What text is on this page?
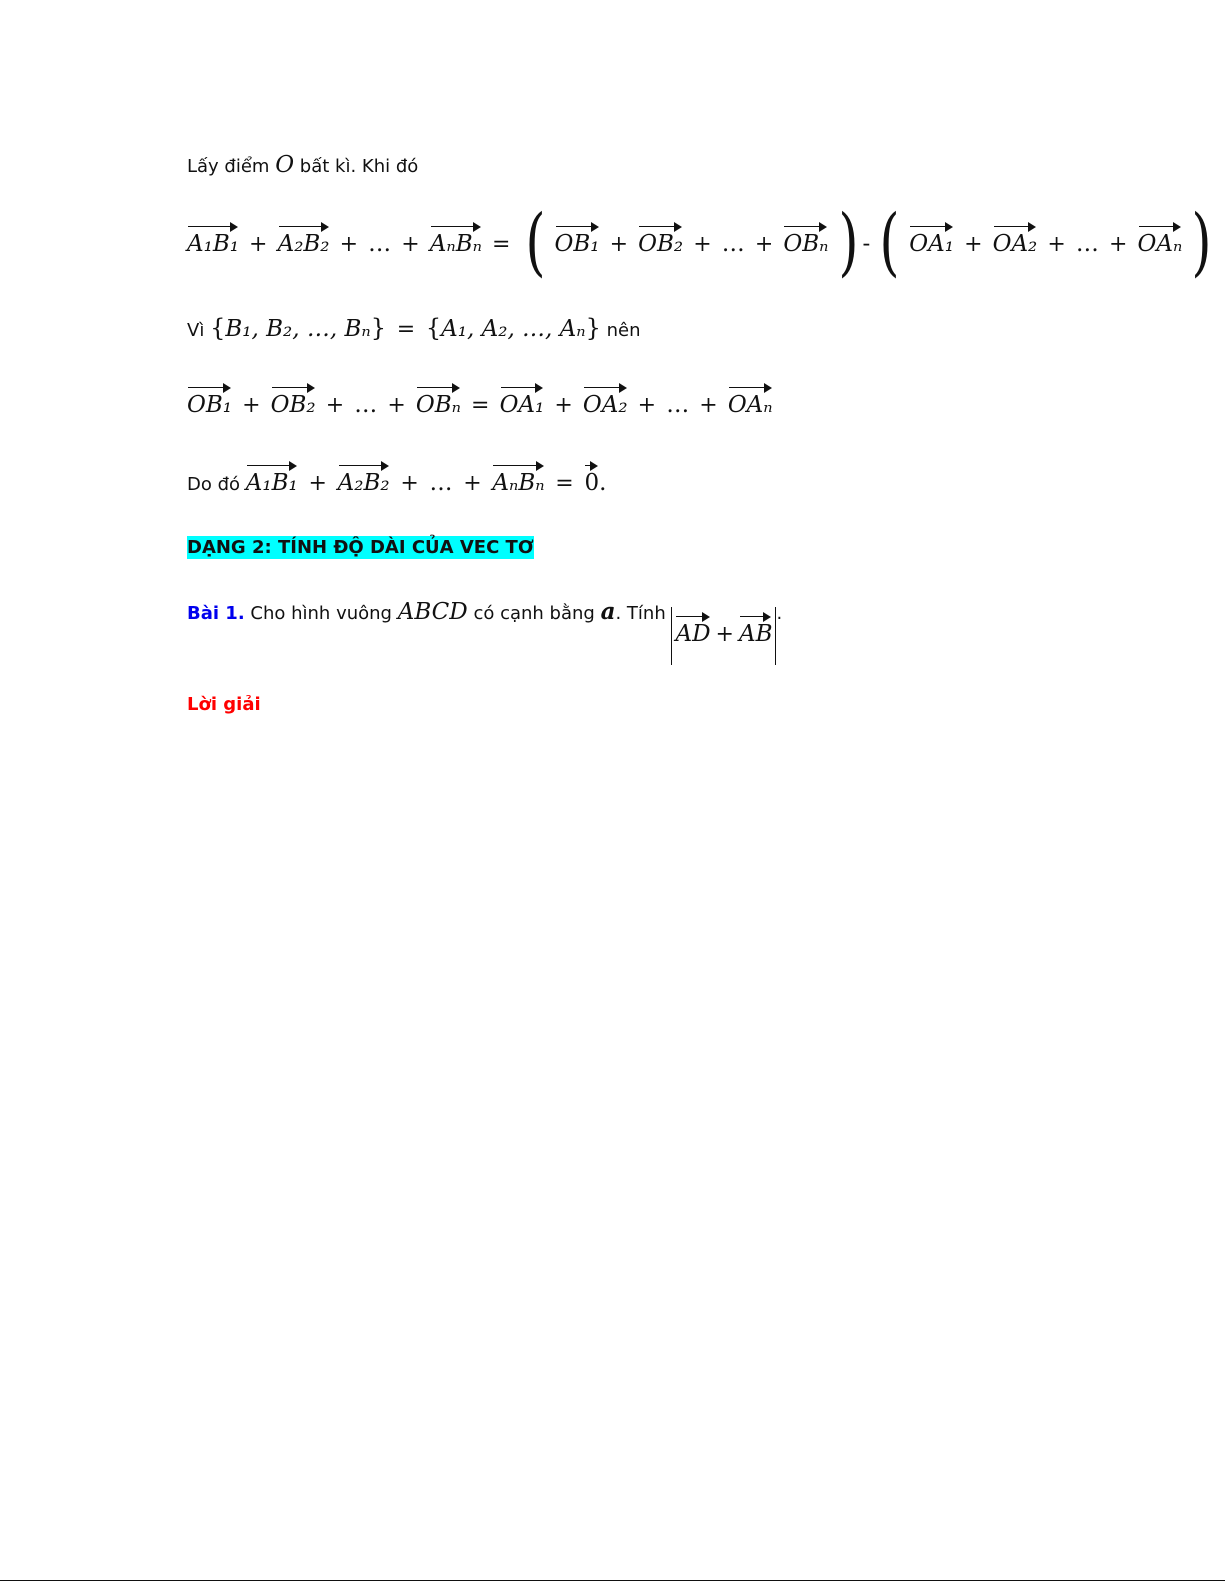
Lấy điểm O bất kì. Khi đó
A₁B₁ + A₂B₂ + … + AₙBₙ = ( OB₁ + OB₂ + … + OBₙ ) - ( OA₁ + OA₂ + … + OAₙ )
Vì {B₁, B₂, …, Bₙ} = {A₁, A₂, …, Aₙ} nên
OB₁ + OB₂ + … + OBₙ = OA₁ + OA₂ + … + OAₙ
Do đó A₁B₁ + A₂B₂ + … + AₙBₙ = 0.
DẠNG 2: TÍNH ĐỘ DÀI CỦA VEC TƠ
Bài 1. Cho hình vuông ABCD có cạnh bằng a. Tính AD + AB.
Lời giải
